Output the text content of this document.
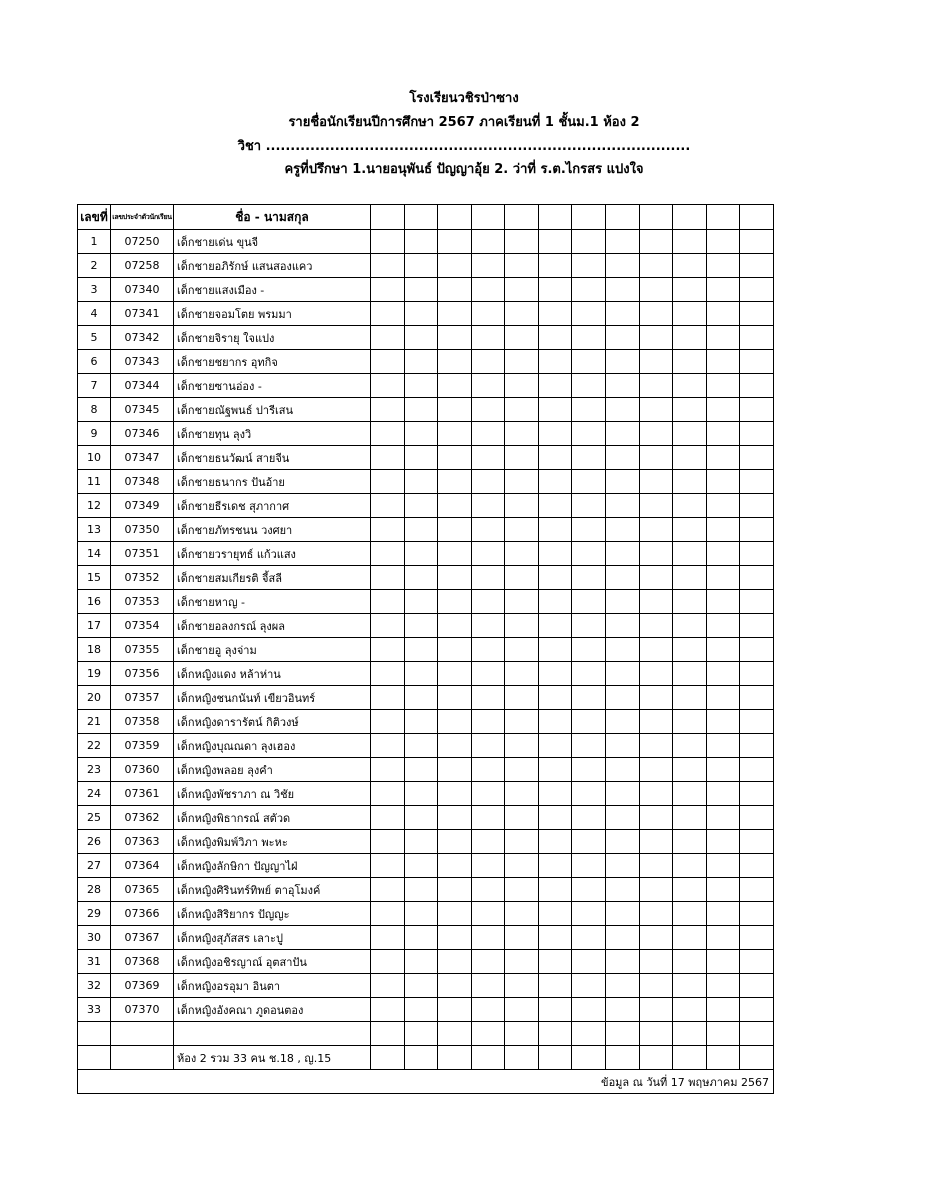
โรงเรียนวชิรป่าซาง
รายชื่อนักเรียนปีการศึกษา 2567 ภาคเรียนที่ 1 ชั้นม.1 ห้อง 2
วิชา ......................................................................................
ครูที่ปรึกษา 1.นายอนุพันธ์ ปัญญาอุ้ย 2. ว่าที่ ร.ต.ไกรสร แปงใจ
เลขที่	เลขประจำตัวนักเรียน	ชื่อ - นามสกุล												
1	07250	เด็กชายเด่น ขุนจี												
2	07258	เด็กชายอภิรักษ์ แสนสองแคว												
3	07340	เด็กชายแสงเมือง -												
4	07341	เด็กชายจอมโตย พรมมา												
5	07342	เด็กชายจิรายุ ใจแปง												
6	07343	เด็กชายชยากร อุทกิจ												
7	07344	เด็กชายซานอ่อง -												
8	07345	เด็กชายณัฐพนธ์ ปารีเสน												
9	07346	เด็กชายทุน ลุงวิ												
10	07347	เด็กชายธนวัฒน์ สายจีน												
11	07348	เด็กชายธนากร ปันอ้าย												
12	07349	เด็กชายธีรเดช สุภากาศ												
13	07350	เด็กชายภัทรชนน วงศยา												
14	07351	เด็กชายวรายุทธ์ แก้วแสง												
15	07352	เด็กชายสมเกียรติ จี้สลี												
16	07353	เด็กชายหาญ -												
17	07354	เด็กชายอลงกรณ์ ลุงผล												
18	07355	เด็กชายอู ลุงจ่าม												
19	07356	เด็กหญิงแดง หล้าห่าน												
20	07357	เด็กหญิงชนกนันท์ เขียวอินทร์												
21	07358	เด็กหญิงดารารัตน์ กิติวงษ์												
22	07359	เด็กหญิงบุณณดา ลุงเฮอง												
23	07360	เด็กหญิงพลอย ลุงคำ												
24	07361	เด็กหญิงพัชราภา ณ วิชัย												
25	07362	เด็กหญิงพิธากรณ์ สตัวด												
26	07363	เด็กหญิงพิมพ์วิภา พะหะ												
27	07364	เด็กหญิงลักษิกา ปัญญาไฝ่												
28	07365	เด็กหญิงศิรินทร์ทิพย์ ตาอุโมงค์												
29	07366	เด็กหญิงสิริยากร ปัญญะ												
30	07367	เด็กหญิงสุภัสสร เลาะปู												
31	07368	เด็กหญิงอชิรญาณ์ อุตสาปัน												
32	07369	เด็กหญิงอรอุมา อินตา												
33	07370	เด็กหญิงอังคณา ภูดอนตอง												

		ห้อง 2 รวม 33 คน ช.18 , ญ.15												
ข้อมูล ณ วันที่ 17 พฤษภาคม 2567														
